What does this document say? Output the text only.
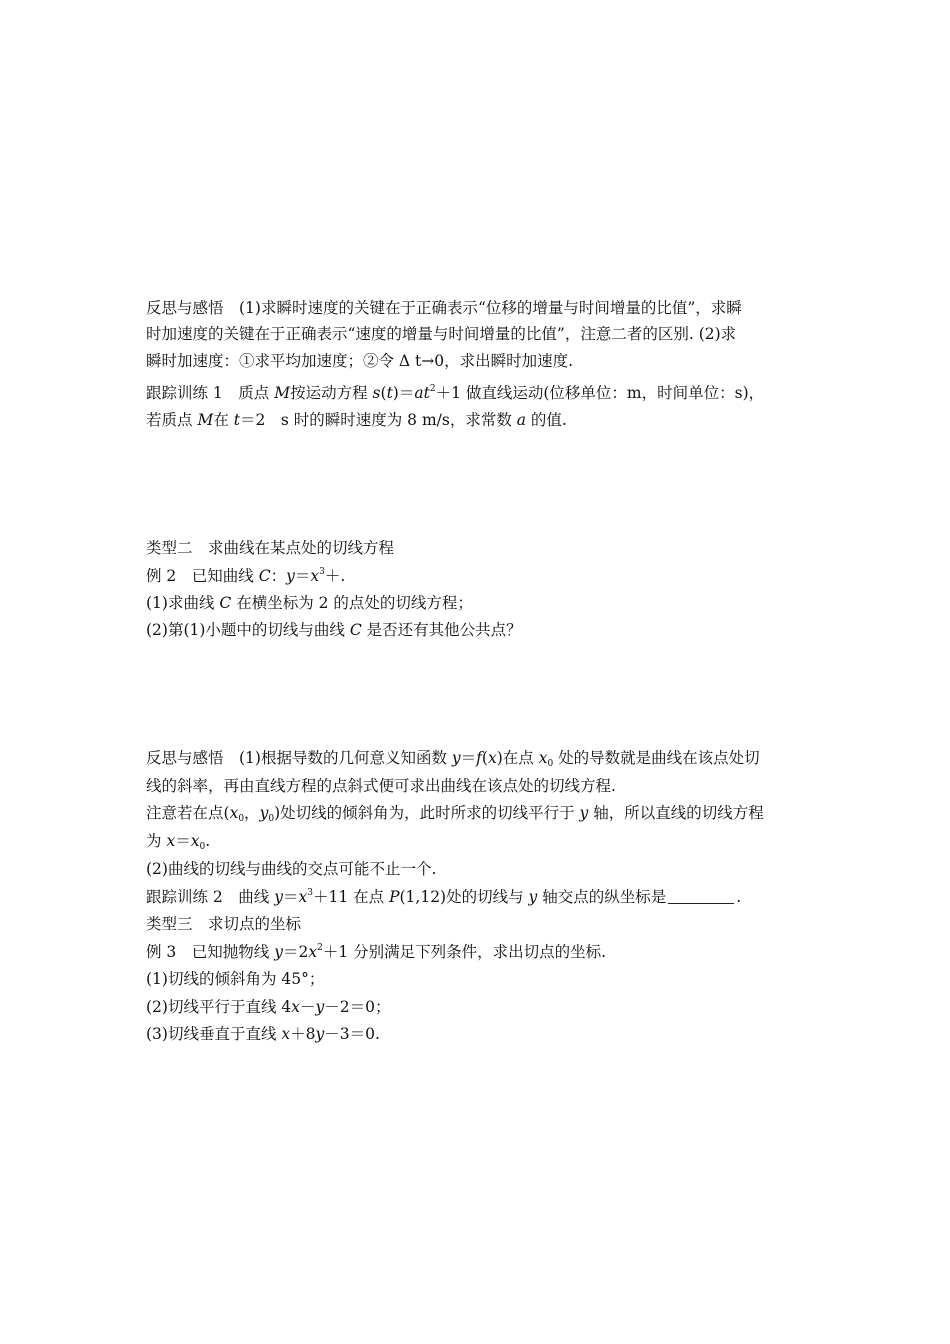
反思与感悟　(1)求瞬时速度的关键在于正确表示“位移的增量与时间增量的比值”，求瞬
时加速度的关键在于正确表示“速度的增量与时间增量的比值”，注意二者的区别. (2)求
瞬时加速度：①求平均加速度；②令 Δ t→0，求出瞬时加速度.
跟踪训练 1　质点 M按运动方程 $s(t)=at^2+1$ 做直线运动(位移单位：m，时间单位：s)，
若质点 M在 t＝2　s 时的瞬时速度为 8 m/s，求常数 a 的值.
类型二　求曲线在某点处的切线方程
例 2　已知曲线 C：$y=x^3+$.
(1)求曲线 C 在横坐标为 2 的点处的切线方程；
(2)第(1)小题中的切线与曲线 C 是否还有其他公共点？
反思与感悟　(1)根据导数的几何意义知函数 y＝f(x)在点 $x_0$ 处的导数就是曲线在该点处切
线的斜率，再由直线方程的点斜式便可求出曲线在该点处的切线方程.
注意若在点($x_0$，$y_0$)处切线的倾斜角为，此时所求的切线平行于 y 轴，所以直线的切线方程
为 $x=x_0$.
(2)曲线的切线与曲线的交点可能不止一个.
跟踪训练 2　曲线 $y=x^3+11$ 在点 P(1,12)处的切线与 y 轴交点的纵坐标是	.
类型三　求切点的坐标
例 3　已知抛物线 $y=2x^2+1$ 分别满足下列条件，求出切点的坐标.
(1)切线的倾斜角为 45°；
(2)切线平行于直线 4x－y－2＝0；
(3)切线垂直于直线 x＋8y－3＝0.
